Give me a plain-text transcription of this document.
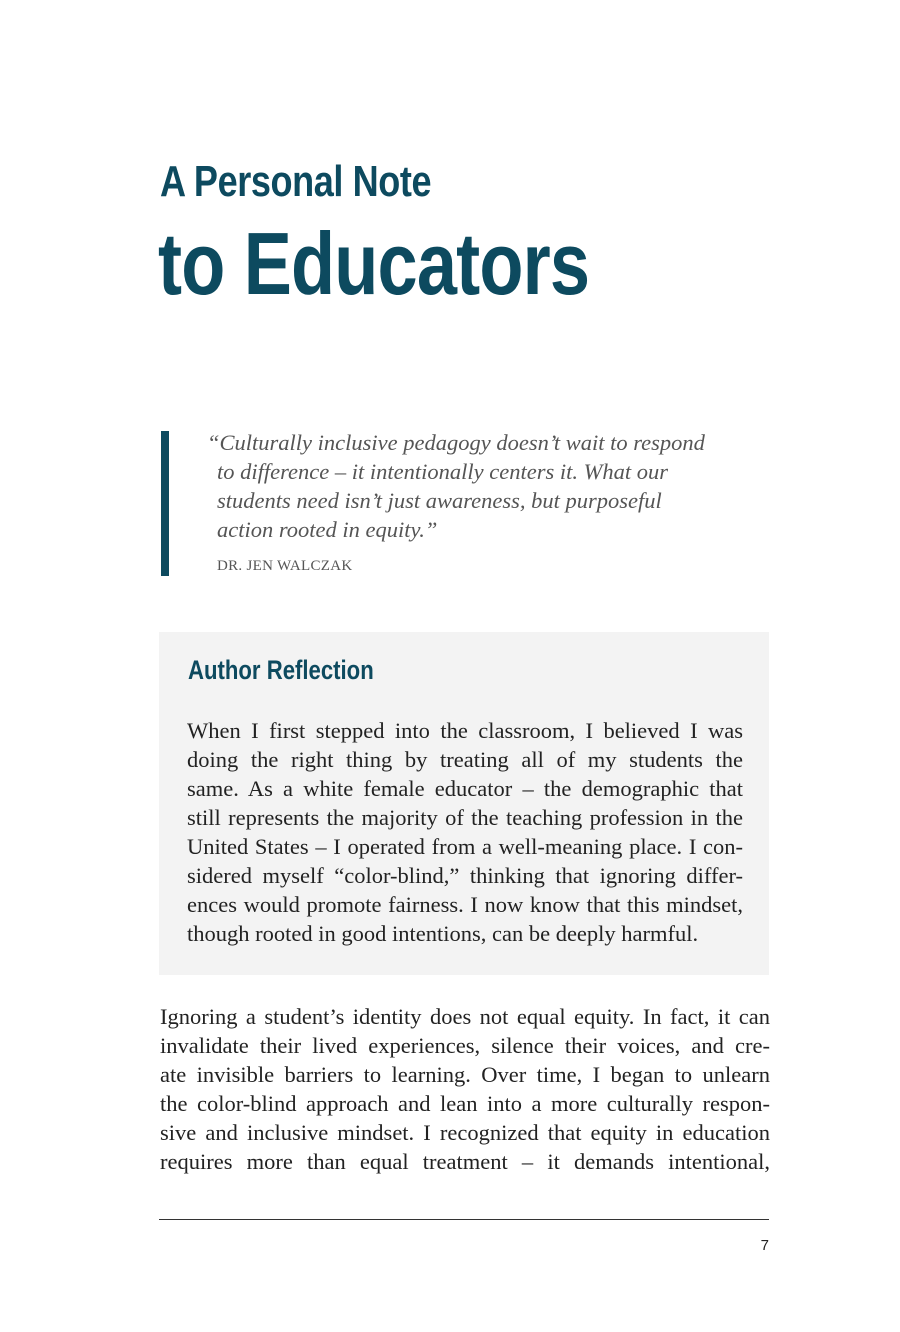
A Personal Note
to Educators

“Culturally inclusive pedagogy doesn’t wait to respond
to difference – it intentionally centers it. What our
students need isn’t just awareness, but purposeful
action rooted in equity.”

DR. JEN WALCZAK

Author Reflection

When I first stepped into the classroom, I believed I was
doing the right thing by treating all of my students the
same. As a white female educator – the demographic that
still represents the majority of the teaching profession in the
United States – I operated from a well-meaning place. I con-
sidered myself “color-blind,” thinking that ignoring differ-
ences would promote fairness. I now know that this mindset,
though rooted in good intentions, can be deeply harmful.

Ignoring a student’s identity does not equal equity. In fact, it can
invalidate their lived experiences, silence their voices, and cre-
ate invisible barriers to learning. Over time, I began to unlearn
the color-blind approach and lean into a more culturally respon-
sive and inclusive mindset. I recognized that equity in education
requires more than equal treatment – it demands intentional,

7
